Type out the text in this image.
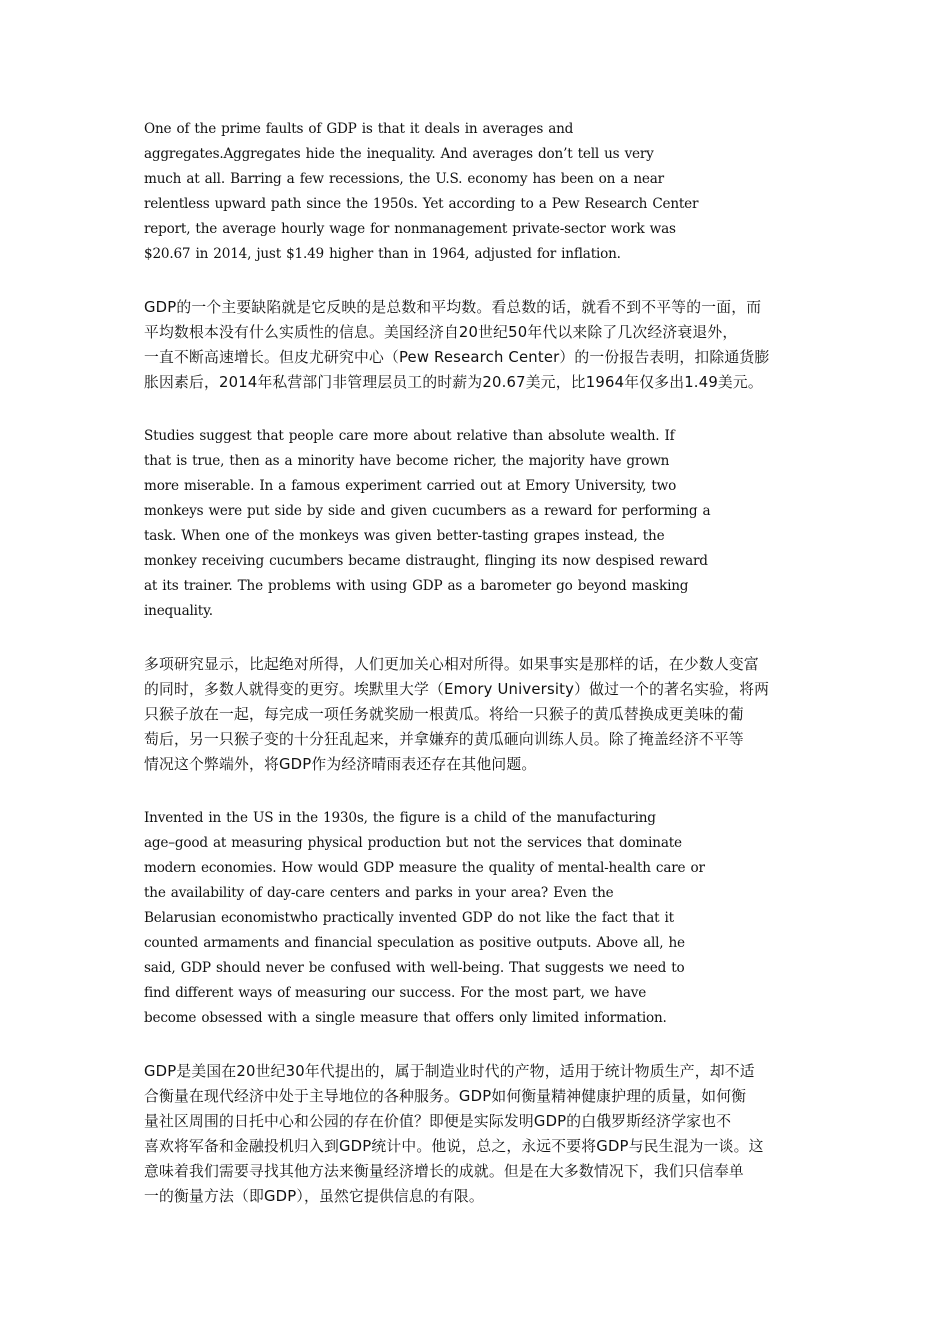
One of the prime faults of GDP is that it deals in averages and
aggregates.Aggregates hide the inequality. And averages don’t tell us very
much at all. Barring a few recessions, the U.S. economy has been on a near
relentless upward path since the 1950s. Yet according to a Pew Research Center
report, the average hourly wage for nonmanagement private-sector work was
$20.67 in 2014, just $1.49 higher than in 1964, adjusted for inflation.

GDP的一个主要缺陷就是它反映的是总数和平均数。看总数的话，就看不到不平等的一面，而
平均数根本没有什么实质性的信息。美国经济自20世纪50年代以来除了几次经济衰退外，
一直不断高速增长。但皮尤研究中心（Pew Research Center）的一份报告表明，扣除通货膨
胀因素后，2014年私营部门非管理层员工的时薪为20.67美元，比1964年仅多出1.49美元。

Studies suggest that people care more about relative than absolute wealth. If
that is true, then as a minority have become richer, the majority have grown
more miserable. In a famous experiment carried out at Emory University, two
monkeys were put side by side and given cucumbers as a reward for performing a
task. When one of the monkeys was given better-tasting grapes instead, the
monkey receiving cucumbers became distraught, flinging its now despised reward
at its trainer. The problems with using GDP as a barometer go beyond masking
inequality.

多项研究显示，比起绝对所得，人们更加关心相对所得。如果事实是那样的话，在少数人变富
的同时，多数人就得变的更穷。埃默里大学（Emory University）做过一个的著名实验，将两
只猴子放在一起，每完成一项任务就奖励一根黄瓜。将给一只猴子的黄瓜替换成更美味的葡
萄后，另一只猴子变的十分狂乱起来，并拿嫌弃的黄瓜砸向训练人员。除了掩盖经济不平等
情况这个弊端外，将GDP作为经济晴雨表还存在其他问题。

Invented in the US in the 1930s, the figure is a child of the manufacturing
age–good at measuring physical production but not the services that dominate
modern economies. How would GDP measure the quality of mental-health care or
the availability of day-care centers and parks in your area? Even the
Belarusian economistwho practically invented GDP do not like the fact that it
counted armaments and financial speculation as positive outputs. Above all, he
said, GDP should never be confused with well-being. That suggests we need to
find different ways of measuring our success. For the most part, we have
become obsessed with a single measure that offers only limited information.

GDP是美国在20世纪30年代提出的，属于制造业时代的产物，适用于统计物质生产，却不适
合衡量在现代经济中处于主导地位的各种服务。GDP如何衡量精神健康护理的质量，如何衡
量社区周围的日托中心和公园的存在价值？即便是实际发明GDP的白俄罗斯经济学家也不
喜欢将军备和金融投机归入到GDP统计中。他说，总之，永远不要将GDP与民生混为一谈。这
意味着我们需要寻找其他方法来衡量经济增长的成就。但是在大多数情况下，我们只信奉单
一的衡量方法（即GDP），虽然它提供信息的有限。
